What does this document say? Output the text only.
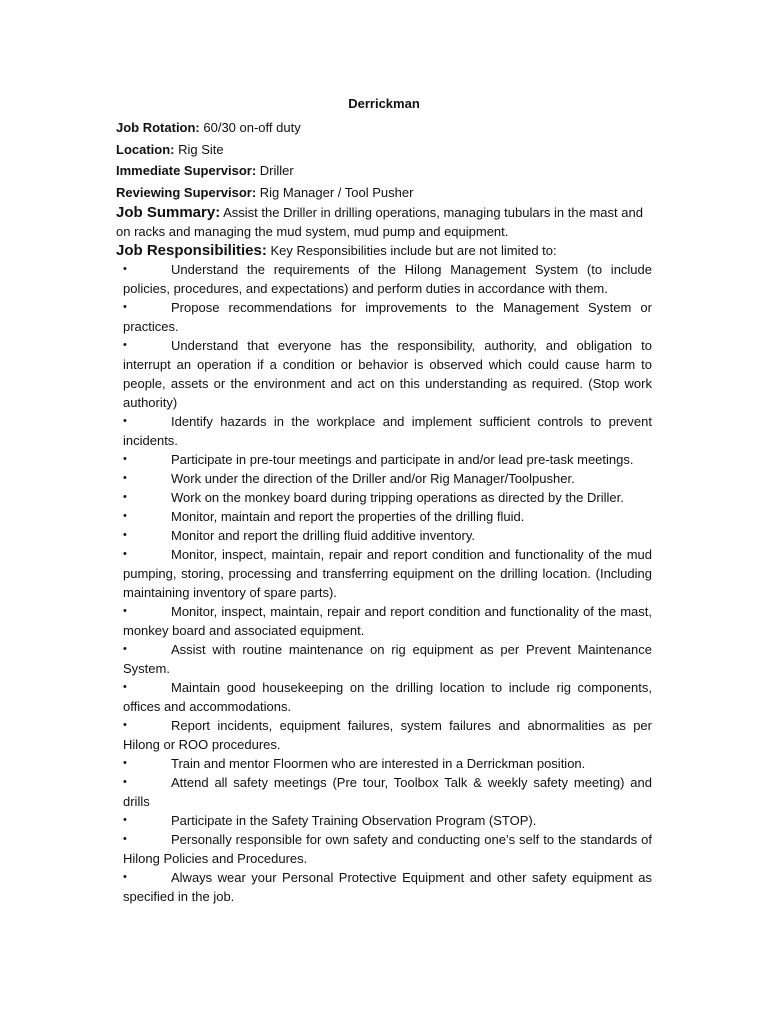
Derrickman

Job Rotation: 60/30 on-off duty

Location: Rig Site

Immediate Supervisor: Driller

Reviewing Supervisor: Rig Manager / Tool Pusher

Job Summary: Assist the Driller in drilling operations, managing tubulars in the mast and on racks and managing the mud system, mud pump and equipment.
Job Responsibilities: Key Responsibilities include but are not limited to:
•	Understand the requirements of the Hilong Management System (to include policies, procedures, and expectations) and perform duties in accordance with them.
•	Propose recommendations for improvements to the Management System or practices.
•	Understand that everyone has the responsibility, authority, and obligation to interrupt an operation if a condition or behavior is observed which could cause harm to people, assets or the environment and act on this understanding as required. (Stop work authority)
•	Identify hazards in the workplace and implement sufficient controls to prevent incidents.
•	Participate in pre-tour meetings and participate in and/or lead pre-task meetings.
•	Work under the direction of the Driller and/or Rig Manager/Toolpusher.
•	Work on the monkey board during tripping operations as directed by the Driller.
•	Monitor, maintain and report the properties of the drilling fluid.
•	Monitor and report the drilling fluid additive inventory.
•	Monitor, inspect, maintain, repair and report condition and functionality of the mud pumping, storing, processing and transferring equipment on the drilling location. (Including maintaining inventory of spare parts).
•	Monitor, inspect, maintain, repair and report condition and functionality of the mast, monkey board and associated equipment.
•	Assist with routine maintenance on rig equipment as per Prevent Maintenance System.
•	Maintain good housekeeping on the drilling location to include rig components, offices and accommodations.
•	Report incidents, equipment failures, system failures and abnormalities as per Hilong or ROO procedures.
•	Train and mentor Floormen who are interested in a Derrickman position.
•	Attend all safety meetings (Pre tour, Toolbox Talk & weekly safety meeting) and drills
•	Participate in the Safety Training Observation Program (STOP).
•	Personally responsible for own safety and conducting one’s self to the standards of Hilong Policies and Procedures.
•	Always wear your Personal Protective Equipment and other safety equipment as specified in the job.
